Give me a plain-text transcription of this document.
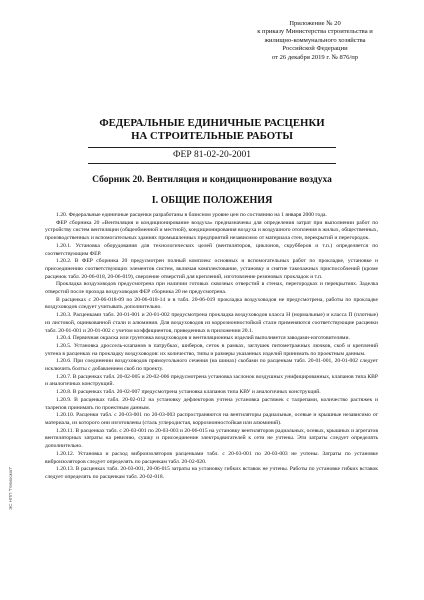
Приложение № 20
к приказу Министерства строительства и
жилищно-коммунального хозяйства
Российской Федерации
от 26 декабря 2019 г. № 876/пр
ФЕДЕРАЛЬНЫЕ ЕДИНИЧНЫЕ РАСЦЕНКИ
НА СТРОИТЕЛЬНЫЕ РАБОТЫ
ФЕР 81-02-20-2001
Сборник 20. Вентиляция и кондиционирование воздуха
I. ОБЩИЕ ПОЛОЖЕНИЯ

1.20. Федеральные единичные расценки разработаны в базисном уровне цен по состоянию на 1 января 2000 года.

ФЕР сборника 20 «Вентиляция и кондиционирование воздуха» предназначены для определения затрат при выполнении работ по устройству систем вентиляции (общеобменной и местной), кондиционирования воздуха и воздушного отопления в жилых, общественных, производственных и вспомогательных зданиях промышленных предприятий независимо от материала стен, перекрытий и перегородок.

1.20.1. Установка оборудования для технологических целей (вентиляторов, циклонов, скрубберов и т.п.) определяется по соответствующим ФЕР.

1.20.2. В ФЕР сборника 20 предусмотрен полный комплекс основных и вспомогательных работ по прокладке, установке и присоединению соответствующих элементов систем, включая комплектование, установку и снятие такелажных приспособлений (кроме расценок табл. 20-06-018, 20-06-019), сверление отверстий для креплений, изготовление резиновых прокладок и т.п.

Прокладка воздуховодов предусмотрена при наличии готовых сквозных отверстий в стенах, перегородках и перекрытиях. Заделка отверстий после прохода воздуховодов ФЕР сборника 20 не предусмотрена.

В расценках с 20-06-018-09 по 20-06-018-14 и в табл. 20-06-019 прокладка воздуховодов не предусмотрена, работы по прокладке воздуховодов следует учитывать дополнительно.

1.20.3. Расценками табл. 20-01-001 и 20-01-002 предусмотрена прокладка воздуховодов класса Н (нормальные) и класса П (плотные) из листовой, оцинкованной стали и алюминия. Для воздуховодов из коррозионностойкой стали применяются соответствующие расценки табл. 20-01-001 и 20-01-002 с учетом коэффициентов, приведенных в приложении 20.1.

1.20.4. Первичная окраска или грунтовка воздуховодов и вентиляционных изделий выполняется заводами-изготовителями.

1.20.5. Установка дроссель-клапанов в патрубках, шиберов, сеток в рамках, заглушек питометражных лючков, скоб и креплений учтена в расценках на прокладку воздуховодов: их количество, типы и размеры указанных изделий принимать по проектным данным.

1.20.6. При соединении воздуховодов прямоугольного сечения (на шинах) скобами по расценкам табл. 20-01-001, 20-01-002 следует исключить болты с добавлением скоб по проекту.

1.20.7. В расценках табл. 20-02-005 и 20-02-006 предусмотрена установка заслонок воздушных унифицированных, клапанов типа КВР и аналогичных конструкций.

1.20.8. В расценках табл. 20-02-007 предусмотрена установка клапанов типа КВУ и аналогичных конструкций.

1.20.9. В расценках табл. 20-02-012 на установку дефлекторов учтена установка растяжек с талрепами, количество растяжек и талрепов принимать по проектным данным.

1.20.10. Расценки табл. с 20-03-001 по 20-03-003 распространяются на вентиляторы радиальные, осевые и крышные независимо от материала, из которого они изготовлены (сталь углеродистая, коррозионностойкая или алюминий).

1.20.11. В расценках табл. с 20-03-001 по 20-03-003 и 20-06-015 на установку вентиляторов радиальных, осевых, крышных и агрегатов вентиляторных затраты на ревизию, сушку и присоединение электродвигателей к сети не учтены. Эти затраты следует определять дополнительно.

1.20.12. Установка и расход виброизоляторов расценками табл. с 20-03-001 по 20-03-003 не учтены. Затраты по установке виброизоляторов следует определять по расценкам табл. 20-02-020.

1.20.13. В расценках табл. 20-03-001, 20-06-015 затраты на установку гибких вставок не учтены. Работы по установке гибких вставок следует определять по расценкам табл. 20-02-018.

ЭС НПП "Гелиоскоп"
